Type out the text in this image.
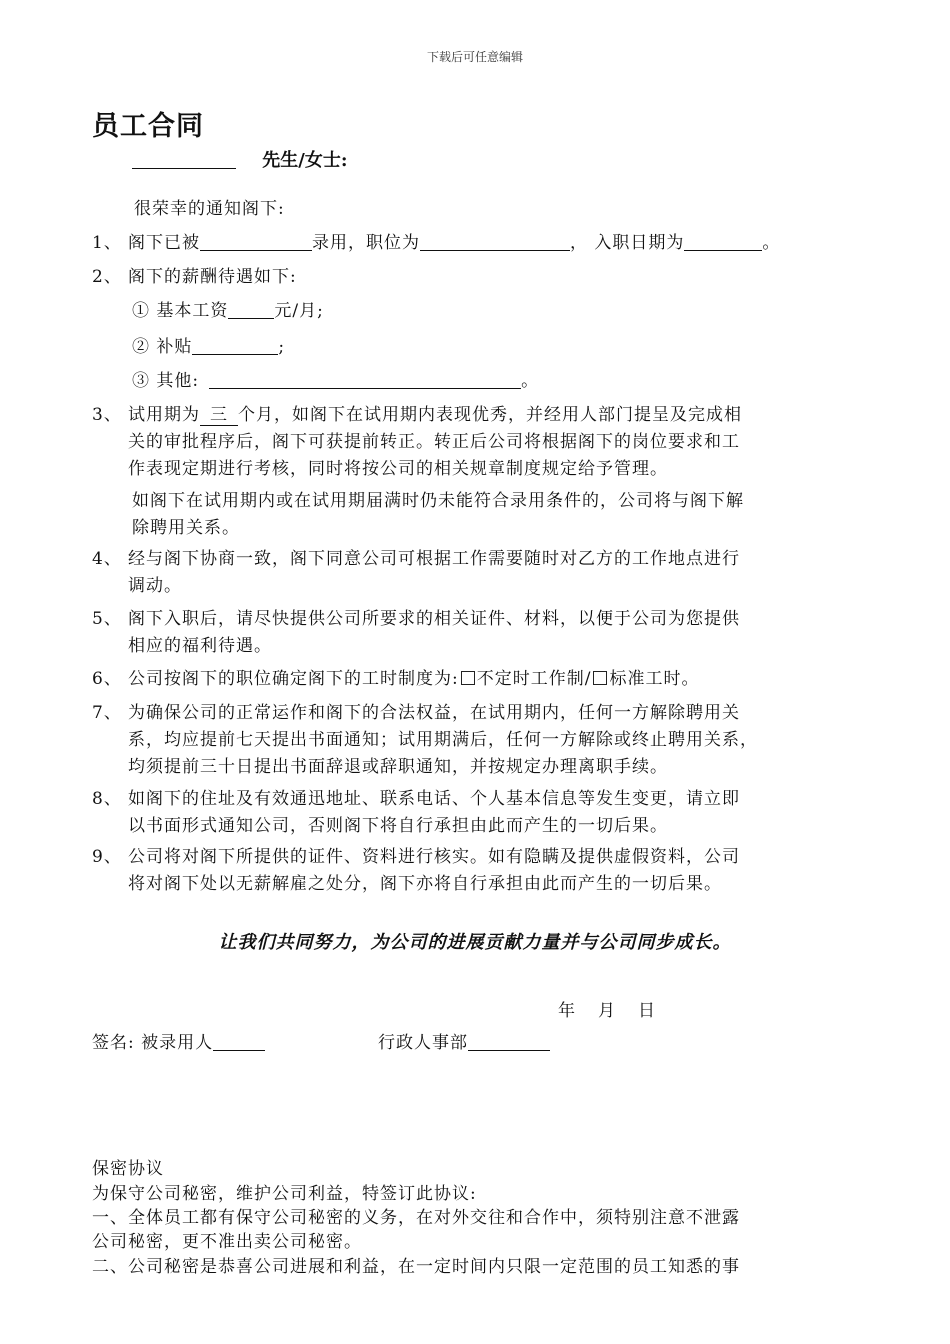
下载后可任意编辑
员工合同
先生/女士:
很荣幸的通知阁下:
1、 阁下已被	录用，职位为	， 入职日期为	。
2、 阁下的薪酬待遇如下:
① 基本工资	元/月;
② 补贴	;
③ 其他:	。
3、 试用期为 三 个月，如阁下在试用期内表现优秀，并经用人部门提呈及完成相
关的审批程序后，阁下可获提前转正。转正后公司将根据阁下的岗位要求和工
作表现定期进行考核，同时将按公司的相关规章制度规定给予管理。
如阁下在试用期内或在试用期届满时仍未能符合录用条件的，公司将与阁下解
除聘用关系。
4、 经与阁下协商一致，阁下同意公司可根据工作需要随时对乙方的工作地点进行
调动。
5、 阁下入职后，请尽快提供公司所要求的相关证件、材料，以便于公司为您提供
相应的福利待遇。
6、 公司按阁下的职位确定阁下的工时制度为: 不定时工作制/ 标准工时。
7、 为确保公司的正常运作和阁下的合法权益，在试用期内，任何一方解除聘用关
系，均应提前七天提出书面通知；试用期满后，任何一方解除或终止聘用关系，
均须提前三十日提出书面辞退或辞职通知，并按规定办理离职手续。
8、 如阁下的住址及有效通迅地址、联系电话、个人基本信息等发生变更，请立即
以书面形式通知公司，否则阁下将自行承担由此而产生的一切后果。
9、 公司将对阁下所提供的证件、资料进行核实。如有隐瞒及提供虚假资料，公司
将对阁下处以无薪解雇之处分，阁下亦将自行承担由此而产生的一切后果。
让我们共同努力，为公司的进展贡献力量并与公司同步成长。
年 月 日
签名: 被录用人	行政人事部
保密协议
为保守公司秘密，维护公司利益，特签订此协议:
一、全体员工都有保守公司秘密的义务，在对外交往和合作中，须特别注意不泄露
公司秘密，更不准出卖公司秘密。
二、公司秘密是恭喜公司进展和利益，在一定时间内只限一定范围的员工知悉的事
